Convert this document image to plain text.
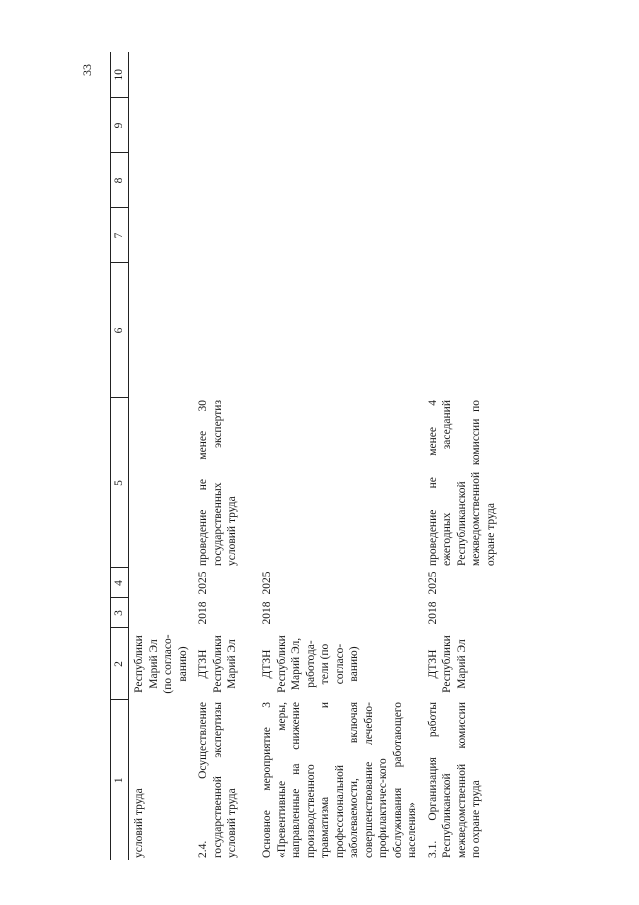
33
1	2	3	4	5	6	7	8	9	10
условий труда	Республики Марий Эл (по согласо-ванию)								
2.4. Осуществление государственной экспертизы условий труда	ДТЗН Республики Марий Эл	2018	2025	проведение не менее 30 государственных экспертиз условий труда					
Основное мероприятие 3 «Превентивные меры, направленные на снижение производственного травматизма и профессиональной заболеваемости, включая совершенствование лечебно-профилактичес-кого обслуживания работающего населения»	ДТЗН Республики Марий Эл, работода-тели (по согласо-ванию)	2018	2025						
3.1. Организация работы Республиканской межведомственной комиссии по охране труда	ДТЗН Республики Марий Эл	2018	2025	проведение не менее 4 ежегодных заседаний Республиканской межведомственной комиссии по охране труда					
